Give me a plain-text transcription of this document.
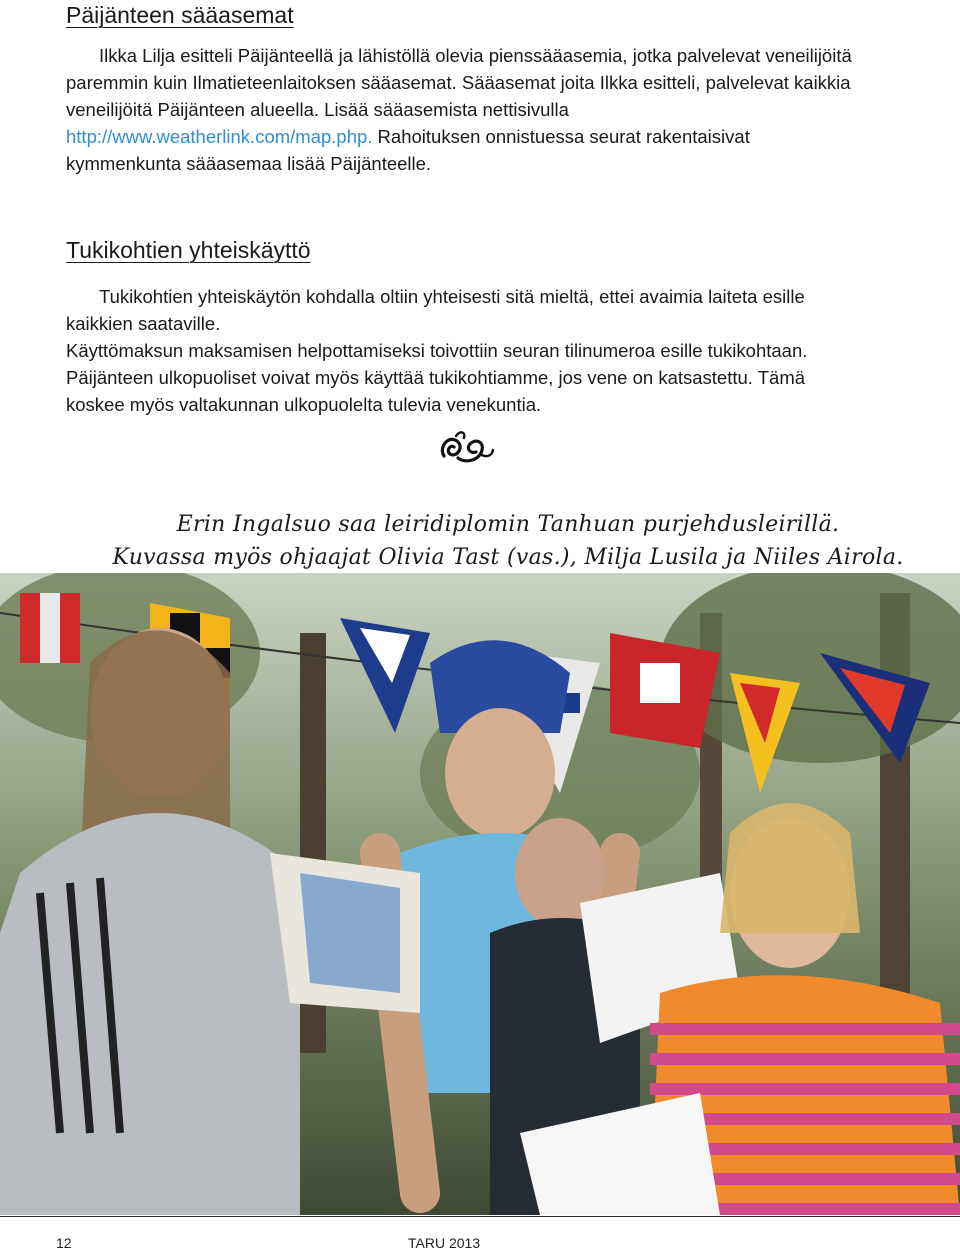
Päijänteen sääasemat

Ilkka Lilja esitteli Päijänteellä ja lähistöllä olevia pienssääasemia, jotka palvelevat veneilijöitä paremmin kuin Ilmatieteenlaitoksen sääasemat. Sääasemat joita Ilkka esitteli, palvelevat kaikkia veneilijöitä Päijänteen alueella. Lisää sääasemista nettisivulla http://www.weatherlink.com/map.php. Rahoituksen onnistuessa seurat rakentaisivat kymmenkunta sääasemaa lisää Päijänteelle.

Tukikohtien yhteiskäyttö

Tukikohtien yhteiskäytön kohdalla oltiin yhteisesti sitä mieltä, ettei avaimia laiteta esille kaikkien saataville.

Käyttömaksun maksamisen helpottamiseksi toivottiin seuran tilinumeroa esille tukikohtaan. Päijänteen ulkopuoliset voivat myös käyttää tukikohtiamme, jos vene on katsastettu. Tämä koskee myös valtakunnan ulkopuolelta tulevia venekuntia.

Erin Ingalsuo saa leiridiplomin Tanhuan purjehdusleirillä.

Kuvassa myös ohjaajat Olivia Tast (vas.), Milja Lusila ja Niiles Airola.

12	TARU 2013
